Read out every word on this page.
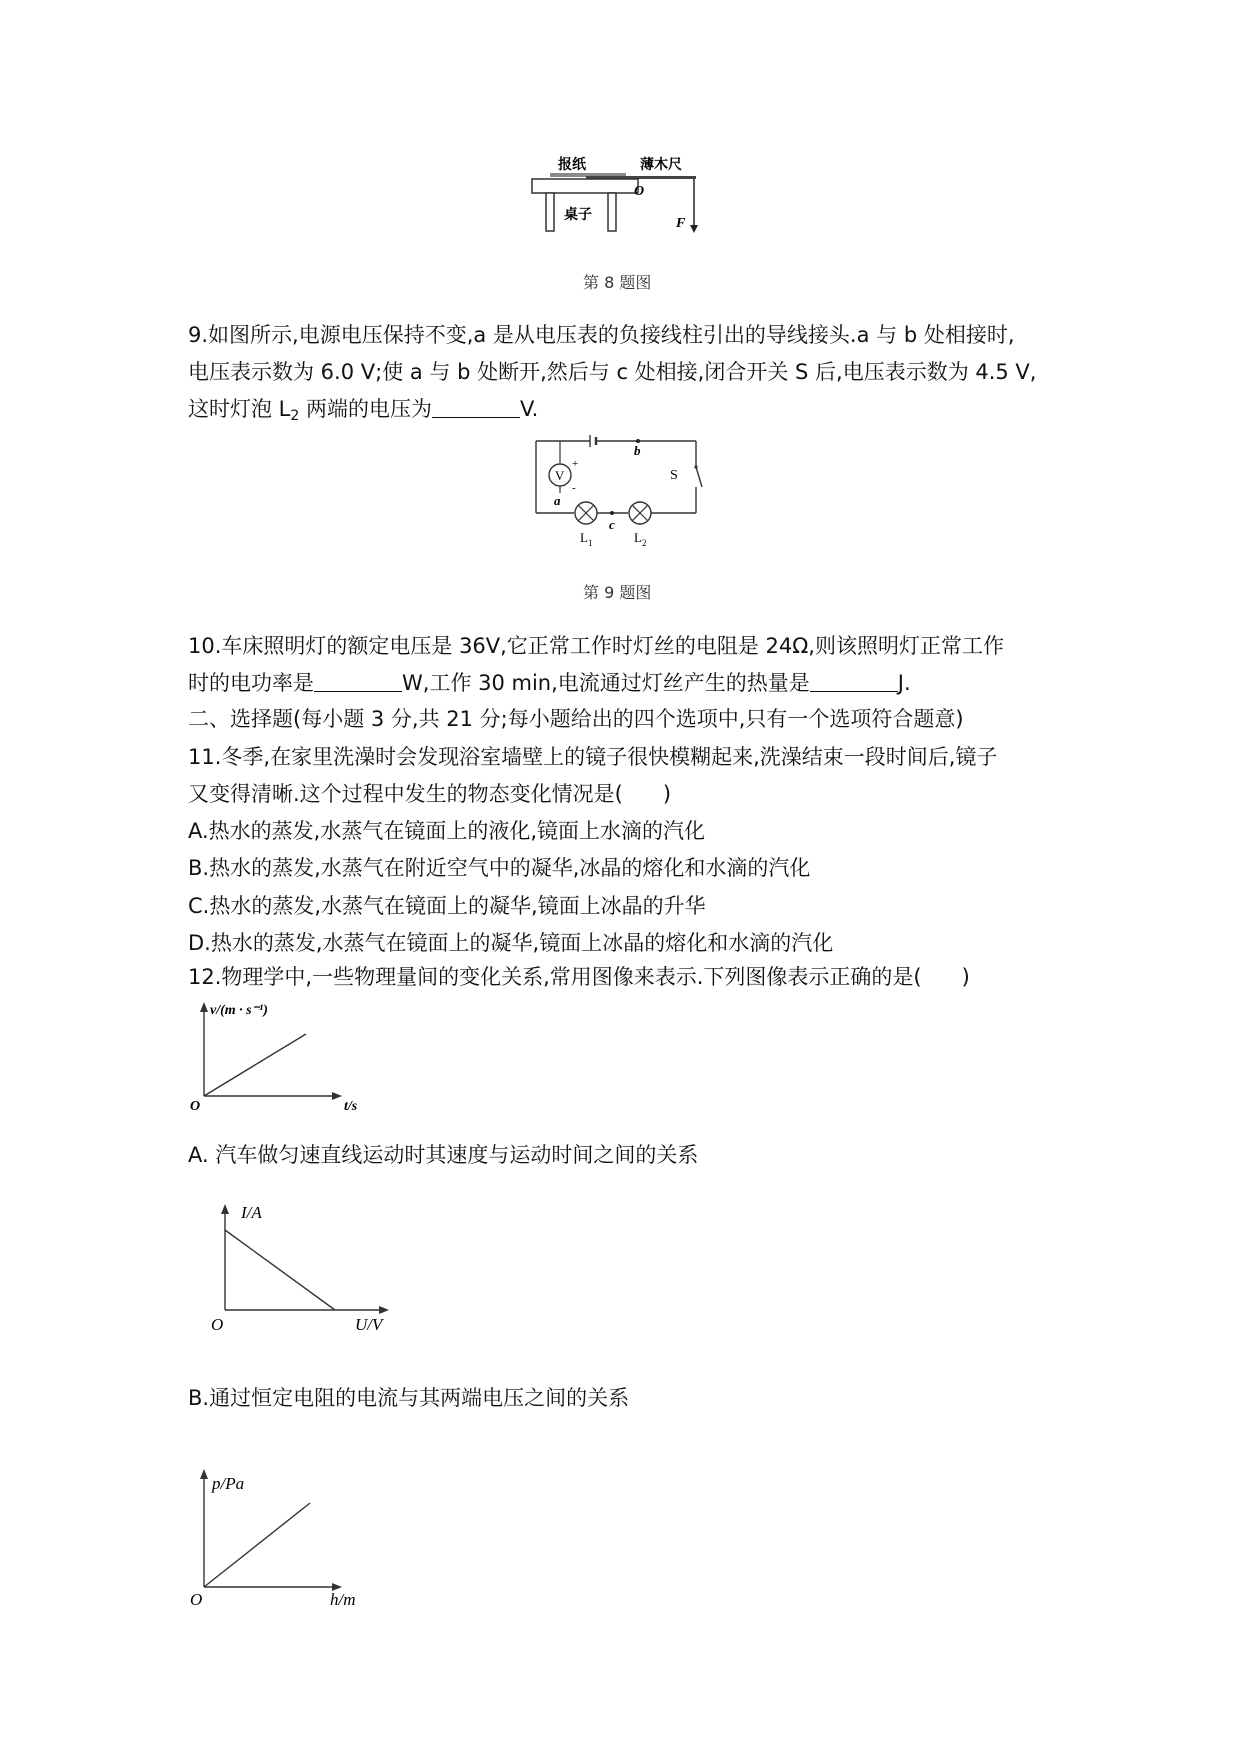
报纸	薄木尺
桌子
O
F
第 8 题图
9.如图所示,电源电压保持不变,a 是从电压表的负接线柱引出的导线接头.a 与 b 处相接时,
电压表示数为 6.0 V;使 a 与 b 处断开,然后与 c 处相接,闭合开关 S 后,电压表示数为 4.5 V,
这时灯泡 $L_2$ 两端的电压为	V.
b
S
V
+
-
a
c
$L_1$	$L_2$
第 9 题图
10.车床照明灯的额定电压是 36V,它正常工作时灯丝的电阻是 24Ω,则该照明灯正常工作
时的电功率是	W,工作 30 min,电流通过灯丝产生的热量是	J.
二、选择题(每小题 3 分,共 21 分;每小题给出的四个选项中,只有一个选项符合题意)
11.冬季,在家里洗澡时会发现浴室墙壁上的镜子很快模糊起来,洗澡结束一段时间后,镜子
又变得清晰.这个过程中发生的物态变化情况是( )
A.热水的蒸发,水蒸气在镜面上的液化,镜面上水滴的汽化
B.热水的蒸发,水蒸气在附近空气中的凝华,冰晶的熔化和水滴的汽化
C.热水的蒸发,水蒸气在镜面上的凝华,镜面上冰晶的升华
D.热水的蒸发,水蒸气在镜面上的凝华,镜面上冰晶的熔化和水滴的汽化
12.物理学中,一些物理量间的变化关系,常用图像来表示.下列图像表示正确的是( )
v/(m · s⁻¹)
t/s
O
A. 汽车做匀速直线运动时其速度与运动时间之间的关系
I/A
U/V
O
B.通过恒定电阻的电流与其两端电压之间的关系
p/Pa
h/m
O
